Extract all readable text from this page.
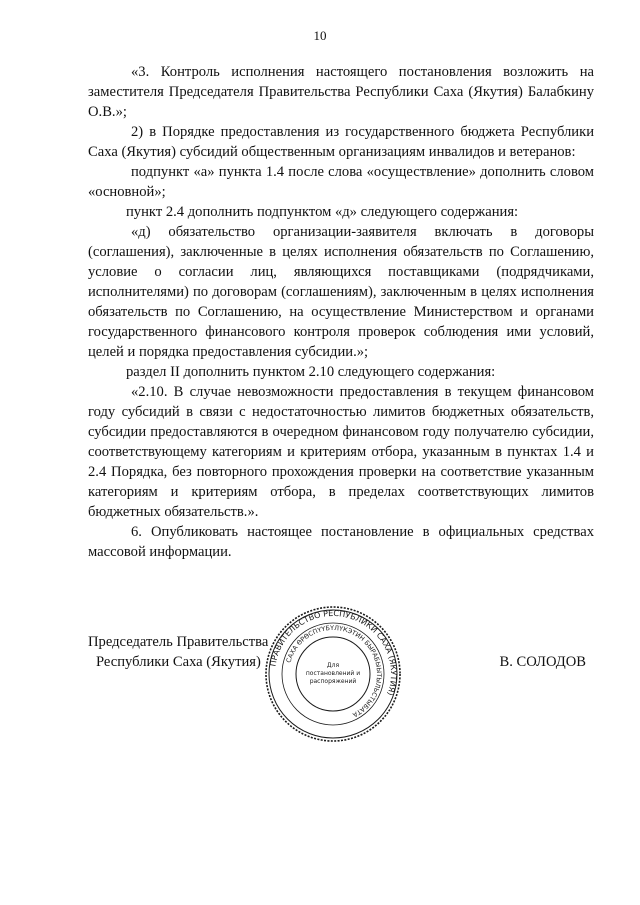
10

«3. Контроль исполнения настоящего постановления возложить на заместителя Председателя Правительства Республики Саха (Якутия) Балабкину О.В.»;

2) в Порядке предоставления из государственного бюджета Республики Саха (Якутия) субсидий общественным организациям инвалидов и ветеранов:

подпункт «а» пункта 1.4 после слова «осуществление» дополнить словом «основной»;

пункт 2.4 дополнить подпунктом «д» следующего содержания:

«д) обязательство организации-заявителя включать в договоры (соглашения), заключенные в целях исполнения обязательств по Соглашению, условие о согласии лиц, являющихся поставщиками (подрядчиками, исполнителями) по договорам (соглашениям), заключенным в целях исполнения обязательств по Соглашению, на осуществление Министерством и органами государственного финансового контроля проверок соблюдения ими условий, целей и порядка предоставления субсидии.»;

раздел II дополнить пунктом 2.10 следующего содержания:

«2.10. В случае невозможности предоставления в текущем финансовом году субсидий в связи с недостаточностью лимитов бюджетных обязательств, субсидии предоставляются в очередном финансовом году получателю субсидии, соответствующему категориям и критериям отбора, указанным в пунктах 1.4 и 2.4 Порядка, без повторного прохождения проверки на соответствие указанным категориям и критериям отбора, в пределах соответствующих лимитов бюджетных обязательств.».

6. Опубликовать настоящее постановление в официальных средствах массовой информации.

ПРАВИТЕЛЬСТВО РЕСПУБЛИКИ САХА (ЯКУТИЯ)
САХА ӨРӨСПҮҮБҮЛҮКЭТИН БЫРАБЫЫТЫЛЬСТЫБАТА
Для
постановлений и
распоряжений
Председатель Правительства
Республики Саха (Якутия)	В. СОЛОДОВ
